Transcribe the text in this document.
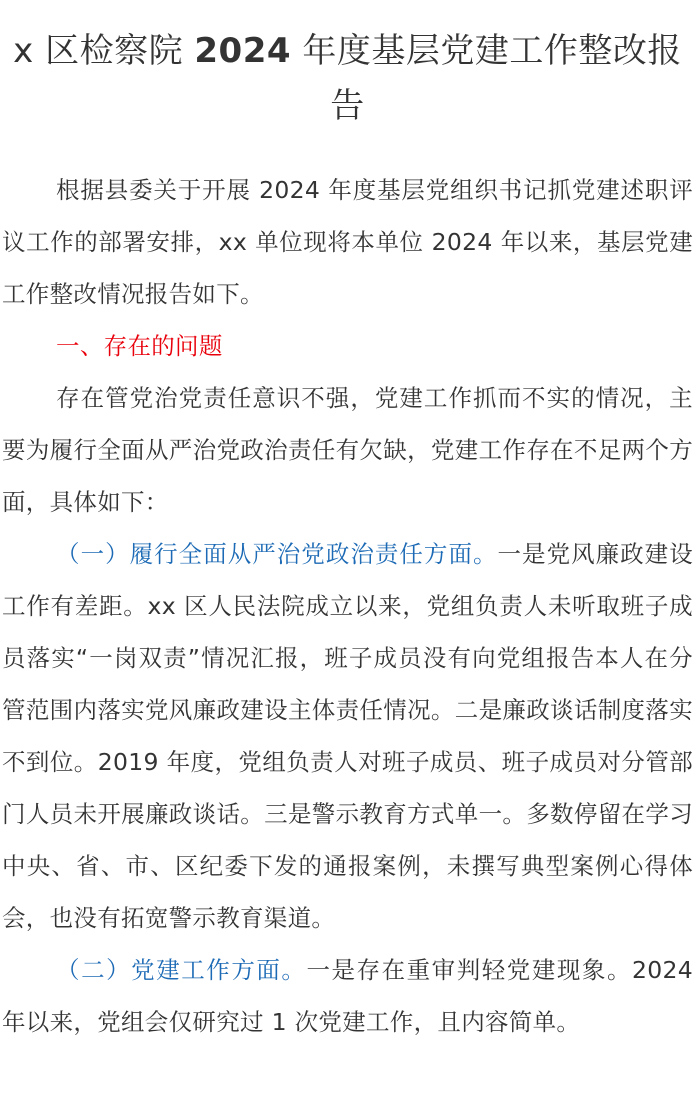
x 区检察院 2024 年度基层党建工作整改报告

根据县委关于开展 2024 年度基层党组织书记抓党建述职评议工作的部署安排，xx 单位现将本单位 2024 年以来，基层党建工作整改情况报告如下。

一、存在的问题

存在管党治党责任意识不强，党建工作抓而不实的情况，主要为履行全面从严治党政治责任有欠缺，党建工作存在不足两个方面，具体如下：

（一）履行全面从严治党政治责任方面。一是党风廉政建设工作有差距。xx 区人民法院成立以来，党组负责人未听取班子成员落实“一岗双责”情况汇报，班子成员没有向党组报告本人在分管范围内落实党风廉政建设主体责任情况。二是廉政谈话制度落实不到位。2019 年度，党组负责人对班子成员、班子成员对分管部门人员未开展廉政谈话。三是警示教育方式单一。多数停留在学习中央、省、市、区纪委下发的通报案例，未撰写典型案例心得体会，也没有拓宽警示教育渠道。

（二）党建工作方面。一是存在重审判轻党建现象。2024 年以来，党组会仅研究过 1 次党建工作，且内容简单。
